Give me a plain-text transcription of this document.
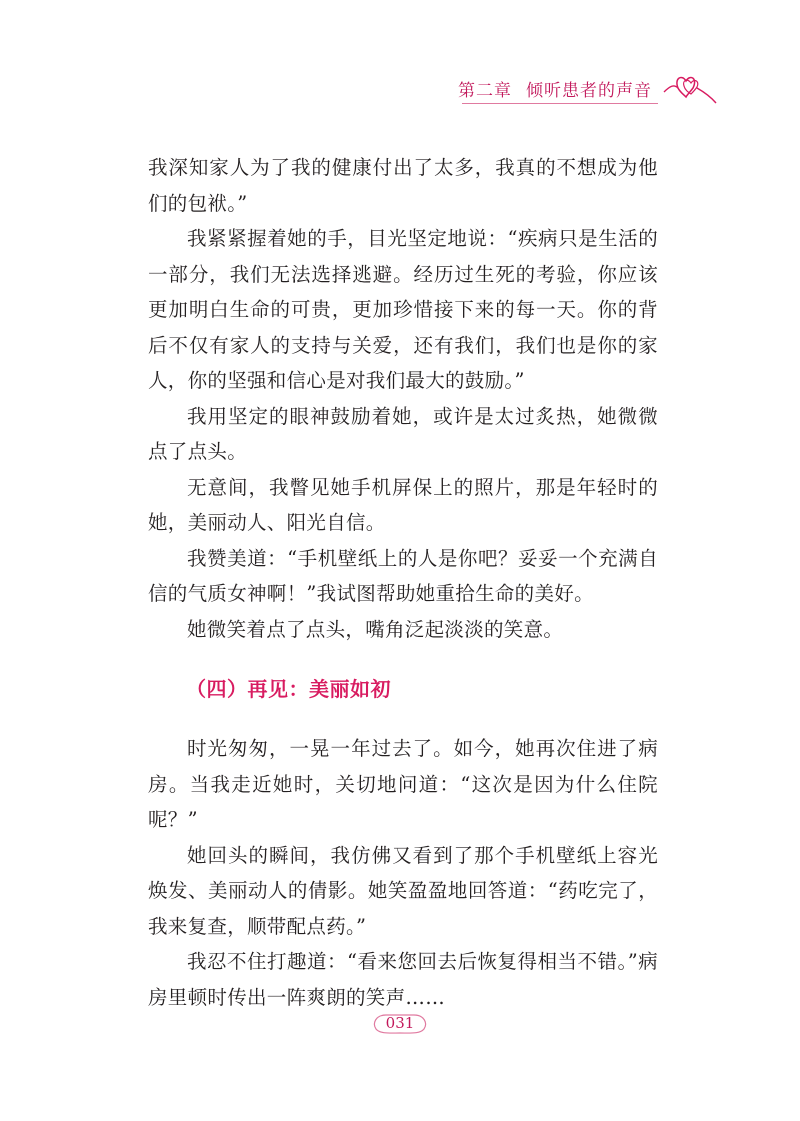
第二章 倾听患者的声音

我深知家人为了我的健康付出了太多，我真的不想成为他们的包袱。”

我紧紧握着她的手，目光坚定地说：“疾病只是生活的一部分，我们无法选择逃避。经历过生死的考验，你应该更加明白生命的可贵，更加珍惜接下来的每一天。你的背后不仅有家人的支持与关爱，还有我们，我们也是你的家人，你的坚强和信心是对我们最大的鼓励。”

我用坚定的眼神鼓励着她，或许是太过炙热，她微微点了点头。

无意间，我瞥见她手机屏保上的照片，那是年轻时的她，美丽动人、阳光自信。

我赞美道：“手机壁纸上的人是你吧？妥妥一个充满自信的气质女神啊！”我试图帮助她重拾生命的美好。

她微笑着点了点头，嘴角泛起淡淡的笑意。

（四）再见：美丽如初

时光匆匆，一晃一年过去了。如今，她再次住进了病房。当我走近她时，关切地问道：“这次是因为什么住院呢？”

她回头的瞬间，我仿佛又看到了那个手机壁纸上容光焕发、美丽动人的倩影。她笑盈盈地回答道：“药吃完了，我来复查，顺带配点药。”

我忍不住打趣道：“看来您回去后恢复得相当不错。”病房里顿时传出一阵爽朗的笑声……

031
